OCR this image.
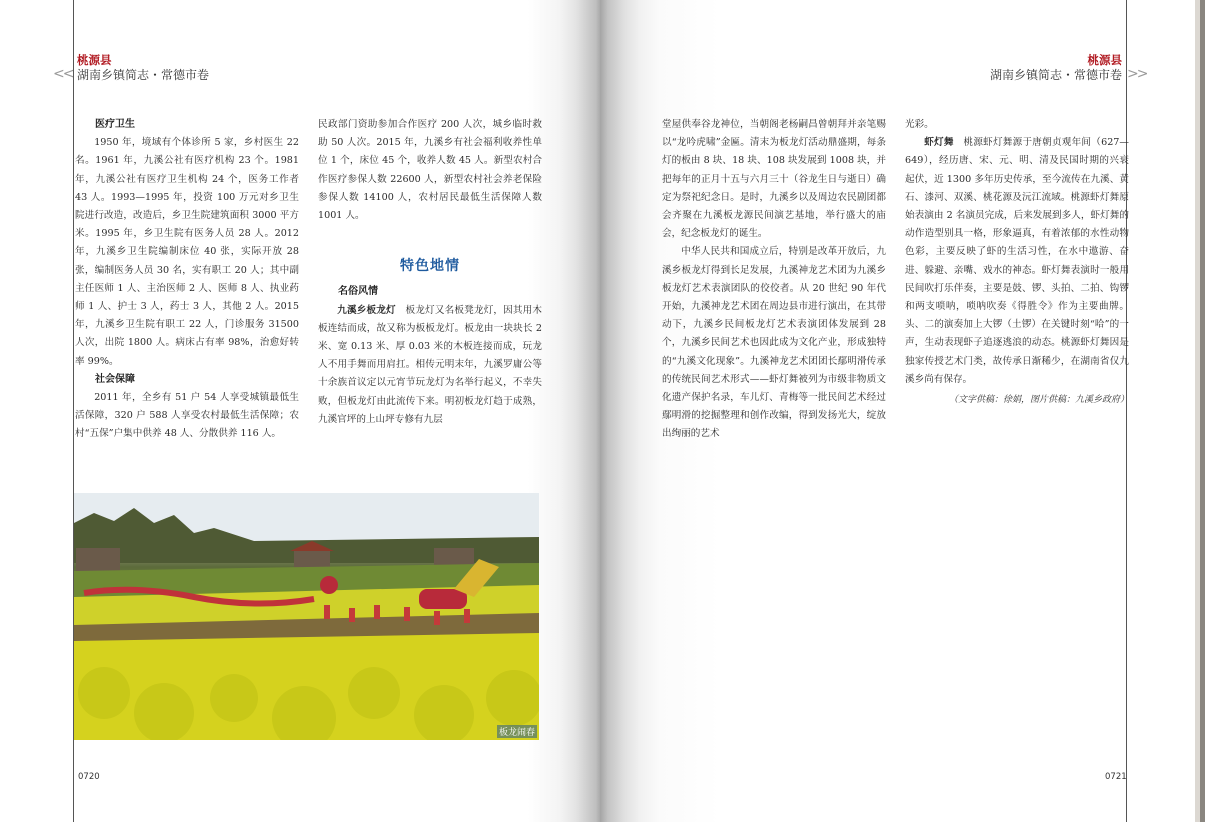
<<
桃源县
湖南乡镇简志・常德市卷
医疗卫生

1950 年，境域有个体诊所 5 家，乡村医生 22 名。1961 年，九溪公社有医疗机构 23 个。1981 年，九溪公社有医疗卫生机构 24 个，医务工作者 43 人。1993—1995 年，投资 100 万元对乡卫生院进行改造，改造后，乡卫生院建筑面积 3000 平方米。1995 年，乡卫生院有医务人员 28 人。2012 年，九溪乡卫生院编制床位 40 张，实际开放 28 张，编制医务人员 30 名，实有职工 20 人；其中副主任医师 1 人、主治医师 2 人、医师 8 人、执业药师 1 人、护士 3 人，药士 3 人，其他 2 人。2015 年，九溪乡卫生院有职工 22 人，门诊服务 31500 人次，出院 1800 人。病床占有率 98%，治愈好转率 99%。

社会保障

2011 年，全乡有 51 户 54 人享受城镇最低生活保障，320 户 588 人享受农村最低生活保障；农村“五保”户集中供养 48 人、分散供养 116 人。

民政部门资助参加合作医疗 200 人次，城乡临时救助 50 人次。2015 年，九溪乡有社会福利收养性单位 1 个，床位 45 个，收养人数 45 人。新型农村合作医疗参保人数 22600 人，新型农村社会养老保险参保人数 14100 人，农村居民最低生活保障人数 1001 人。

特色地情
名俗风情

九溪乡板龙灯　 板龙灯又名板凳龙灯，因其用木板连结而成，故又称为板板龙灯。板龙由一块块长 2 米、宽 0.13 米、厚 0.03 米的木板连接而成，玩龙人不用手舞而用肩扛。相传元明末年，九溪罗庸公等十余族首议定以元宵节玩龙灯为名举行起义，不幸失败，但板龙灯由此流传下来。明初板龙灯趋于成熟，九溪官坪的上山坪专修有九层

板龙闹春
0720
桃源县
湖南乡镇简志・常德市卷 >>

堂屋供奉谷龙神位，当朝阁老杨嗣昌曾朝拜并亲笔赐以“龙吟虎啸”金匾。清末为板龙灯活动鼎盛期，每条灯的板由 8 块、18 块、108 块发展到 1008 块，并把每年的正月十五与六月三十（谷龙生日与逝日）确定为祭祀纪念日。是时，九溪乡以及周边农民剧团都会齐聚在九溪板龙源民间演艺基地，举行盛大的庙会，纪念板龙灯的诞生。

中华人民共和国成立后，特别是改革开放后，九溪乡板龙灯得到长足发展，九溪神龙艺术团为九溪乡板龙灯艺术表演团队的佼佼者。从 20 世纪 90 年代开始，九溪神龙艺术团在周边县市进行演出，在其带动下，九溪乡民间板龙灯艺术表演团体发展到 28 个，九溪乡民间艺术也因此成为文化产业，形成独特的“九溪文化现象”。九溪神龙艺术团团长鄢明滑传承的传统民间艺术形式——虾灯舞被列为市级非物质文化遗产保护名录，车儿灯、青梅等一批民间艺术经过鄢明滑的挖掘整理和创作改编，得到发扬光大，绽放出绚丽的艺术

光彩。

虾灯舞　 桃源虾灯舞源于唐朝贞观年间（627—649），经历唐、宋、元、明、清及民国时期的兴衰起伏，近 1300 多年历史传承，至今流传在九溪、黄石、漆河、双溪、桃花源及沅江流域。桃源虾灯舞原始表演由 2 名演员完成，后来发展到多人，虾灯舞的动作造型别具一格，形象逼真，有着浓郁的水性动物色彩，主要反映了虾的生活习性，在水中遨游、奋进、躲避、亲嘴、戏水的神态。虾灯舞表演时一般用民间吹打乐伴奏，主要是鼓、锣、头拍、二拍、钩锣和两支唢呐，唢呐吹奏《得胜令》作为主要曲牌。头、二的演奏加上大锣（土锣）在关键时刻“哈”的一声，生动表现虾子追逐逃浪的动态。桃源虾灯舞因是独家传授艺术门类，故传承日渐稀少，在湖南省仅九溪乡尚有保存。

（文字供稿：徐娟，图片供稿：九溪乡政府）

0721
